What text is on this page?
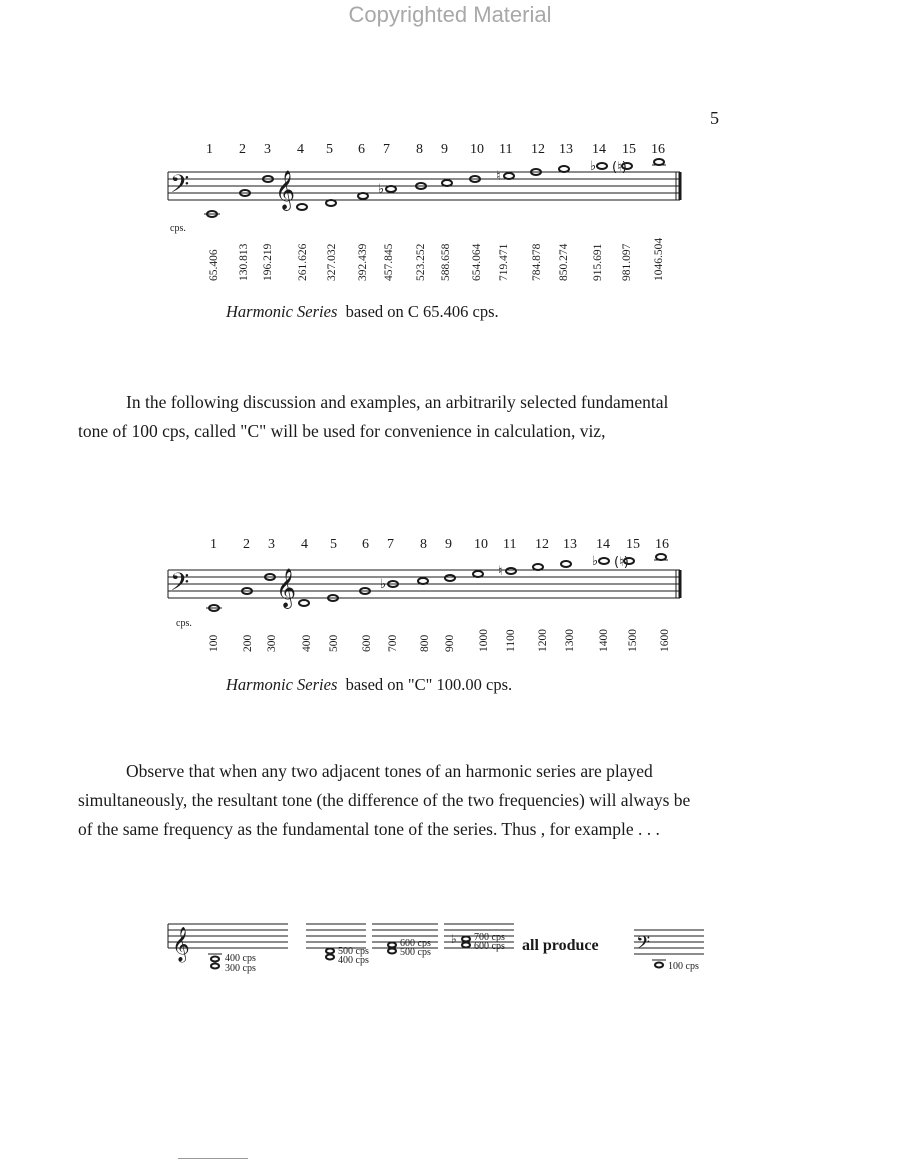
Copyrighted Material
5
1 2 3 4 5 6 7 8 9 10 11 12 13 14 15 16
𝄢	𝄞	♭
♮
♭ (♮)
cps.
65.406 130.813 196.219 261.626 327.032 392.439 457.845 523.252 588.658 654.064 719.471 784.878 850.274 915.691 981.097 1046.504
Harmonic Series based on C 65.406 cps.

In the following discussion and examples, an arbitrarily selected fundamental tone of 100 cps, called "C" will be used for convenience in calculation, viz,

1 2 3 4 5 6 7 8 9 10 11 12 13 14 15 16
𝄢	𝄞	♭
♮
♭ (♮)
cps.
100 200 300 400 500 600 700 800 900 1000 1100 1200 1300 1400 1500 1600
Harmonic Series based on "C" 100.00 cps.

Observe that when any two adjacent tones of an harmonic series are played simultaneously, the resultant tone (the difference of the two frequencies) will always be of the same frequency as the fundamental tone of the series. Thus , for example . . .

𝄞	400 cps
300 cps
500 cps
400 cps
600 cps
500 cps
♭ 700 cps
600 cps all produce 𝄢
100 cps
